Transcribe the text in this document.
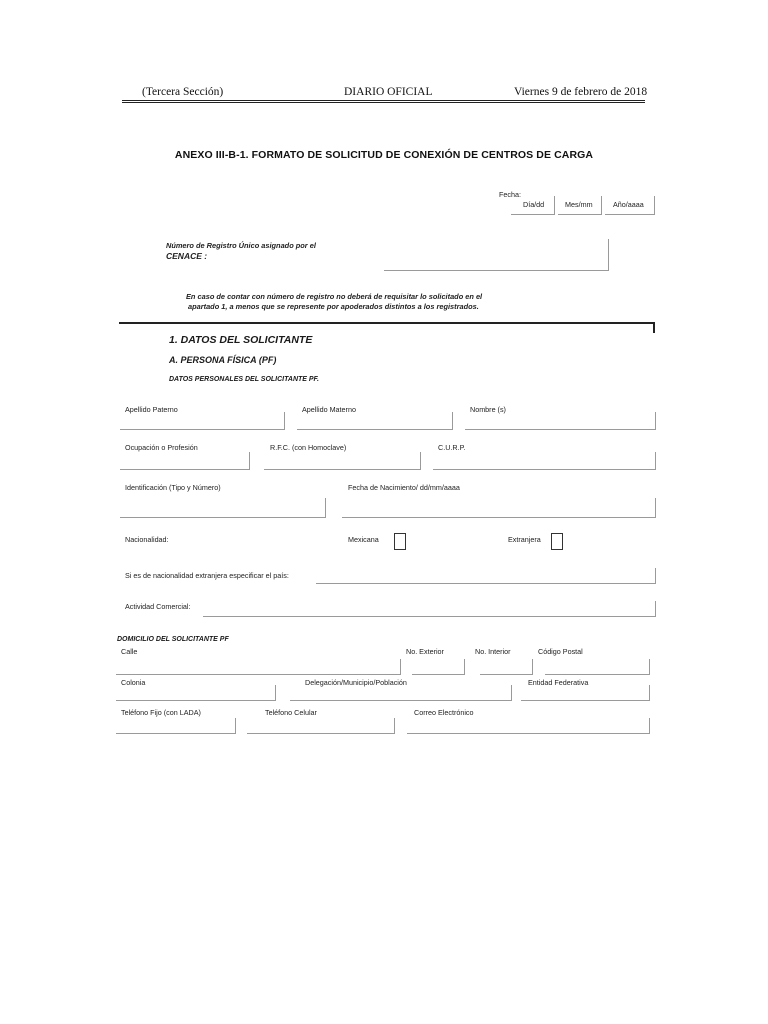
(Tercera Sección)	DIARIO OFICIAL	Viernes 9 de febrero de 2018
ANEXO III-B-1. FORMATO DE SOLICITUD DE CONEXIÓN DE CENTROS DE CARGA
Fecha:
Día/dd	Mes/mm	Año/aaaa
Número de Registro Único asignado por el
CENACE :
En caso de contar con número de registro no deberá de requisitar lo solicitado en el
apartado 1, a menos que se represente por apoderados distintos a los registrados.
1. DATOS DEL SOLICITANTE
A. PERSONA FÍSICA (PF)
DATOS PERSONALES DEL SOLICITANTE PF.
Apellido Paterno	Apellido Materno	Nombre (s)
Ocupación o Profesión	R.F.C. (con Homoclave)	C.U.R.P.
Identificación (Tipo y Número)	Fecha de Nacimiento/ dd/mm/aaaa
Nacionalidad:	Mexicana	Extranjera
Si es de nacionalidad extranjera especificar el país:
Actividad Comercial:
DOMICILIO DEL SOLICITANTE PF
Calle	No. Exterior	No. Interior	Código Postal
Colonia	Delegación/Municipio/Población	Entidad Federativa
Teléfono Fijo (con LADA)	Teléfono Celular	Correo Electrónico
